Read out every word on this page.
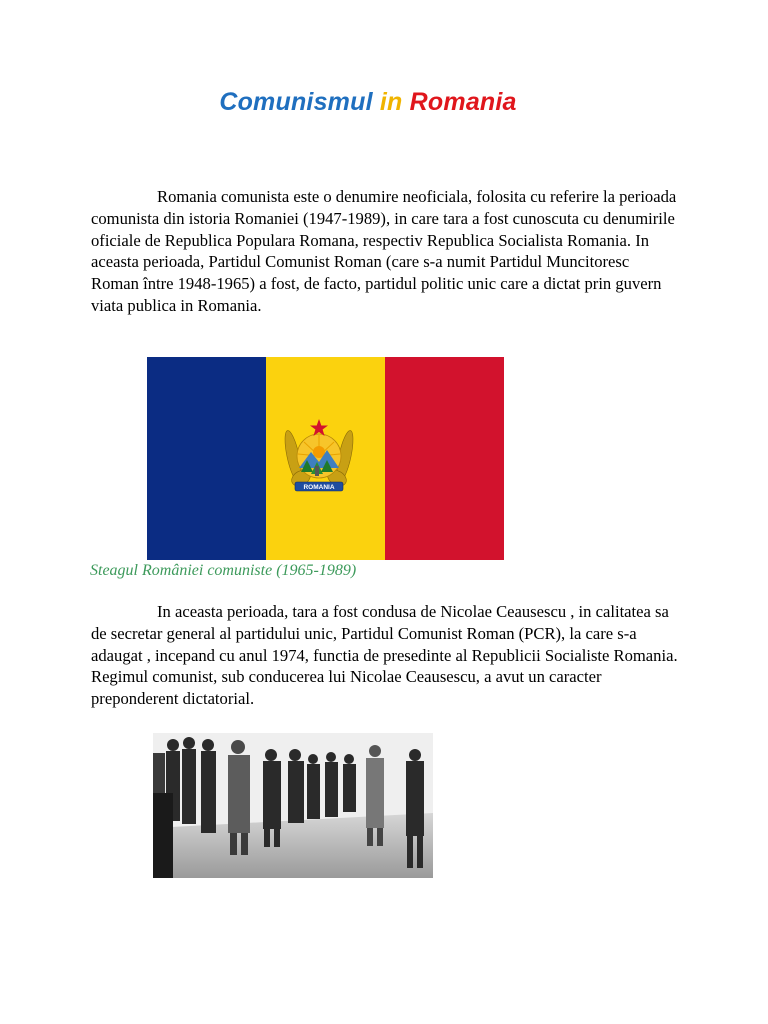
Comunismul in Romania

Romania comunista este o denumire neoficiala, folosita cu referire la perioada comunista din istoria Romaniei (1947-1989), in care tara a fost cunoscuta cu denumirile oficiale de Republica Populara Romana, respectiv Republica Socialista Romania. In aceasta perioada, Partidul Comunist Roman (care s-a numit Partidul Muncitoresc Roman între 1948-1965) a fost, de facto, partidul politic unic care a dictat prin guvern viata publica in Romania.

ROMANIA
Steagul României comuniste (1965-1989)

In aceasta perioada, tara a fost condusa de Nicolae Ceausescu , in calitatea sa de secretar general al partidului unic, Partidul Comunist Roman (PCR), la care s-a adaugat , incepand cu anul 1974, functia de presedinte al Republicii Socialiste Romania. Regimul comunist, sub conducerea lui Nicolae Ceausescu, a avut un caracter preponderent dictatorial.
